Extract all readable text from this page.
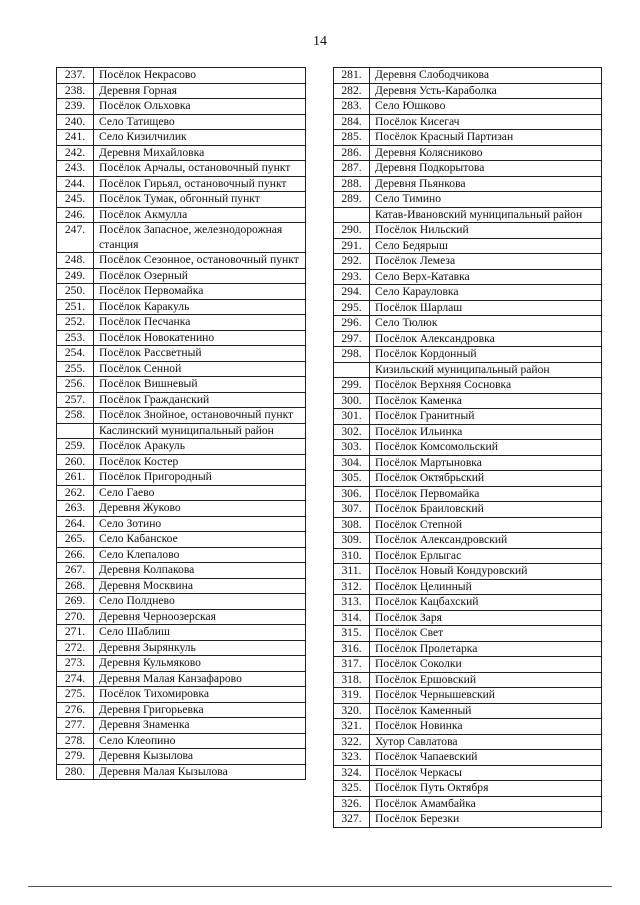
14
237.	Посёлок Некрасово
238.	Деревня Горная
239.	Посёлок Ольховка
240.	Село Татищево
241.	Село Кизилчилик
242.	Деревня Михайловка
243.	Посёлок Арчалы, остановочный пункт
244.	Посёлок Гирьял, остановочный пункт
245.	Посёлок Тумак, обгонный пункт
246.	Посёлок Акмулла
247.	Посёлок Запасное, железнодорожная станция
248.	Посёлок Сезонное, остановочный пункт
249.	Посёлок Озерный
250.	Посёлок Первомайка
251.	Посёлок Каракуль
252.	Посёлок Песчанка
253.	Посёлок Новокатенино
254.	Посёлок Рассветный
255.	Посёлок Сенной
256.	Посёлок Вишневый
257.	Посёлок Гражданский
258.	Посёлок Знойное, остановочный пункт
	Каслинский муниципальный район
259.	Посёлок Аракуль
260.	Посёлок Костер
261.	Посёлок Пригородный
262.	Село Гаево
263.	Деревня Жуково
264.	Село Зотино
265.	Село Кабанское
266.	Село Клепалово
267.	Деревня Колпакова
268.	Деревня Москвина
269.	Село Полднево
270.	Деревня Черноозерская
271.	Село Шаблиш
272.	Деревня Зырянкуль
273.	Деревня Кульмяково
274.	Деревня Малая Канзафарово
275.	Посёлок Тихомировка
276.	Деревня Григорьевка
277.	Деревня Знаменка
278.	Село Клеопино
279.	Деревня Кызылова
280.	Деревня Малая Кызылова
281.	Деревня Слободчикова
282.	Деревня Усть-Караболка
283.	Село Юшково
284.	Посёлок Кисегач
285.	Посёлок Красный Партизан
286.	Деревня Колясниково
287.	Деревня Подкорытова
288.	Деревня Пьянкова
289.	Село Тимино
	Катав-Ивановский муниципальный район
290.	Посёлок Нильский
291.	Село Бедярыш
292.	Посёлок Лемеза
293.	Село Верх-Катавка
294.	Село Карауловка
295.	Посёлок Шарлаш
296.	Село Тюлюк
297.	Посёлок Александровка
298.	Посёлок Кордонный
	Кизильский муниципальный район
299.	Посёлок Верхняя Сосновка
300.	Посёлок Каменка
301.	Посёлок Гранитный
302.	Посёлок Ильинка
303.	Посёлок Комсомольский
304.	Посёлок Мартыновка
305.	Посёлок Октябрьский
306.	Посёлок Первомайка
307.	Посёлок Браиловский
308.	Посёлок Степной
309.	Посёлок Александровский
310.	Посёлок Ерлыгас
311.	Посёлок Новый Кондуровский
312.	Посёлок Целинный
313.	Посёлок Кацбахский
314.	Посёлок Заря
315.	Посёлок Свет
316.	Посёлок Пролетарка
317.	Посёлок Соколки
318.	Посёлок Ершовский
319.	Посёлок Чернышевский
320.	Посёлок Каменный
321.	Посёлок Новинка
322.	Хутор Савлатова
323.	Посёлок Чапаевский
324.	Посёлок Черкасы
325.	Посёлок Путь Октября
326.	Посёлок Амамбайка
327.	Посёлок Березки
